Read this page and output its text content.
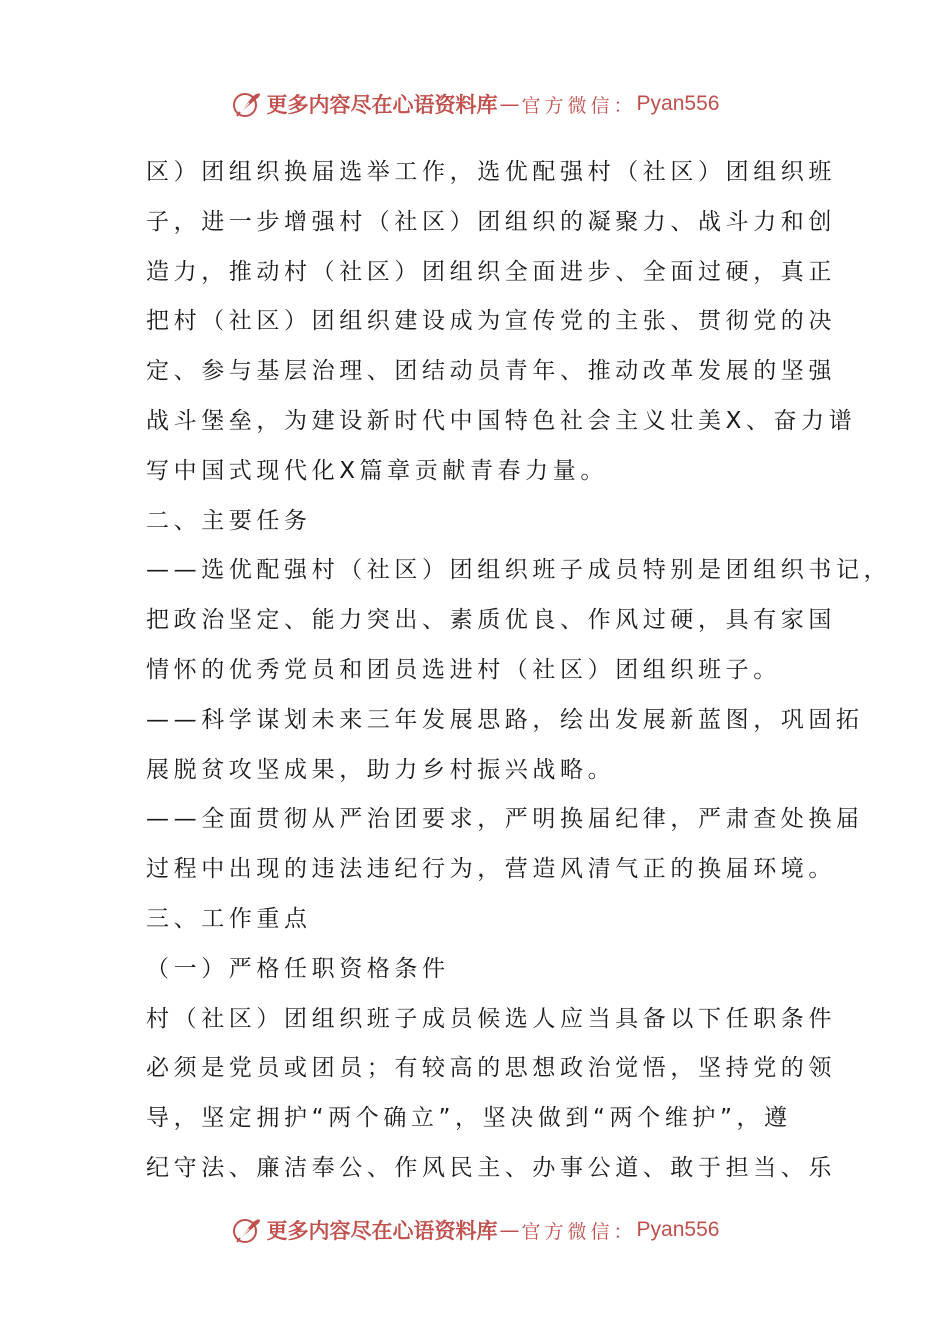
更多内容尽在心语资料库 — 官方微信： Pyan556
区）团组织换届选举工作，选优配强村（社区）团组织班
子，进一步增强村（社区）团组织的凝聚力、战斗力和创
造力，推动村（社区）团组织全面进步、全面过硬，真正
把村（社区）团组织建设成为宣传党的主张、贯彻党的决
定、参与基层治理、团结动员青年、推动改革发展的坚强
战斗堡垒，为建设新时代中国特色社会主义壮美X、奋力谱
写中国式现代化X篇章贡献青春力量。
二、主要任务
——选优配强村（社区）团组织班子成员特别是团组织书记，
把政治坚定、能力突出、素质优良、作风过硬，具有家国
情怀的优秀党员和团员选进村（社区）团组织班子。
——科学谋划未来三年发展思路，绘出发展新蓝图，巩固拓
展脱贫攻坚成果，助力乡村振兴战略。
——全面贯彻从严治团要求，严明换届纪律，严肃查处换届
过程中出现的违法违纪行为，营造风清气正的换届环境。
三、工作重点
（一）严格任职资格条件
村（社区）团组织班子成员候选人应当具备以下任职条件
必须是党员或团员；有较高的思想政治觉悟，坚持党的领
导，坚定拥护“两个确立”，坚决做到“两个维护”，遵
纪守法、廉洁奉公、作风民主、办事公道、敢于担当、乐
更多内容尽在心语资料库 — 官方微信： Pyan556
